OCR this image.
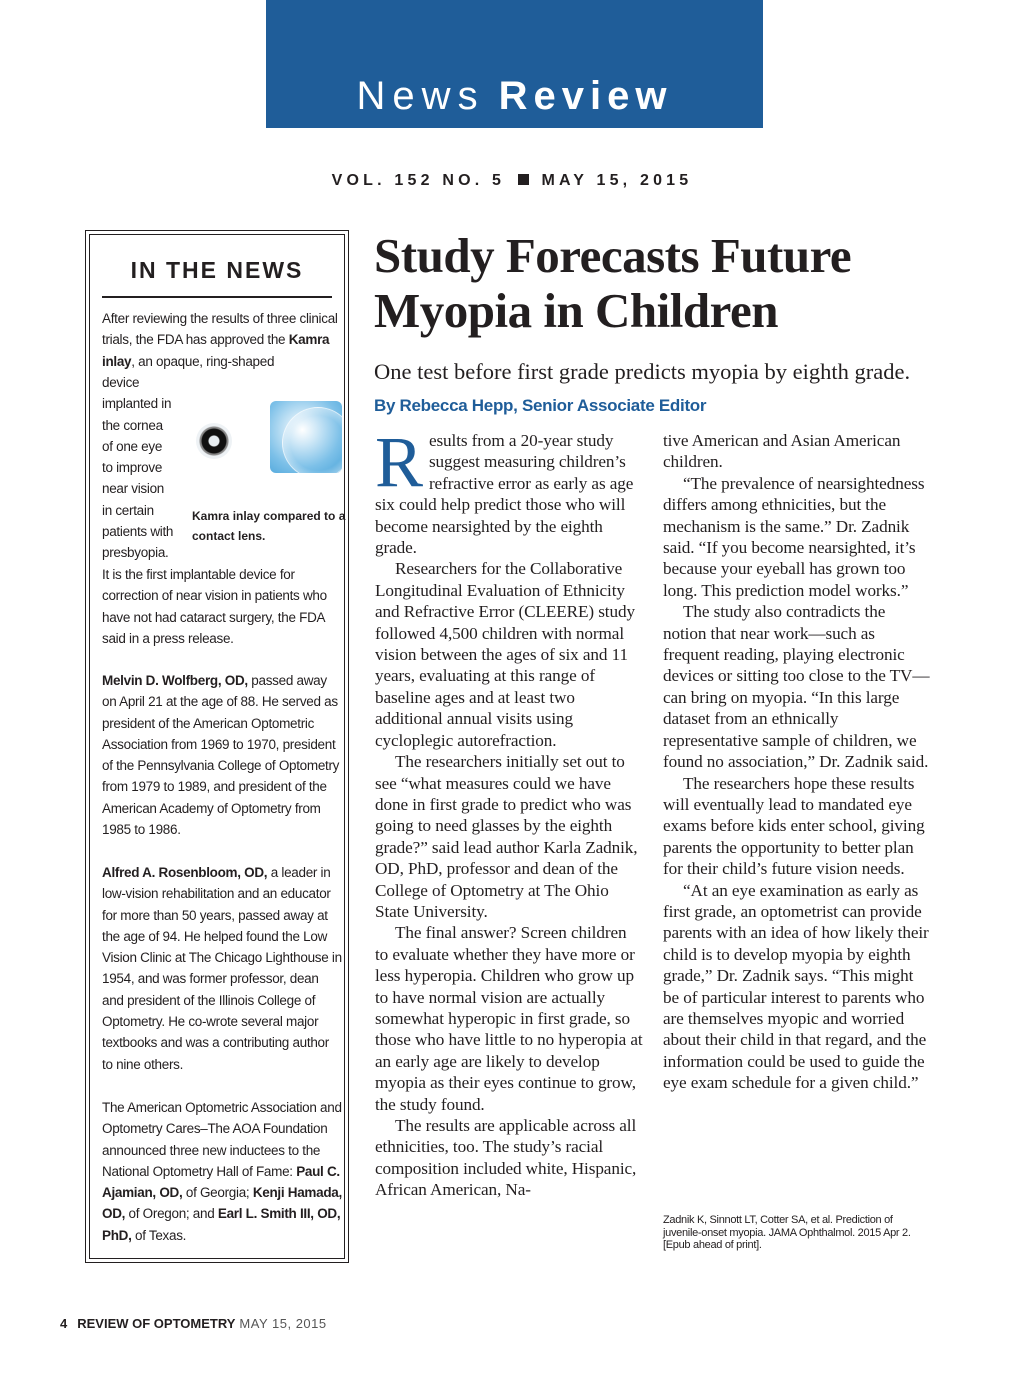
News Review
VOL. 152 NO. 5 MAY 15, 2015
IN THE NEWS

After reviewing the results of three clinical trials, the FDA has approved the Kamra inlay, an opaque, ring-shaped

device

implanted in

the cornea

of one eye

to improve

near vision

in certain

patients with

presbyopia.

Kamra inlay compared to a contact lens.

It is the first implantable device for correction of near vision in patients who have not had cataract surgery, the FDA said in a press release.

Melvin D. Wolfberg, OD, passed away on April 21 at the age of 88. He served as president of the American Optometric Association from 1969 to 1970, president of the Pennsylvania College of Optometry from 1979 to 1989, and president of the American Academy of Optometry from 1985 to 1986.

Alfred A. Rosenbloom, OD, a leader in low-vision rehabilitation and an educator for more than 50 years, passed away at the age of 94. He helped found the Low Vision Clinic at The Chicago Lighthouse in 1954, and was former professor, dean and president of the Illinois College of Optometry. He co-wrote several major textbooks and was a contributing author to nine others.

The American Optometric Association and Optometry Cares–The AOA Foundation announced three new inductees to the National Optometry Hall of Fame: Paul C. Ajamian, OD, of Georgia; Kenji Hamada, OD, of Oregon; and Earl L. Smith III, OD, PhD, of Texas.

Study Forecasts Future
Myopia in Children
One test before first grade predicts myopia by eighth grade. By Rebecca Hepp, Senior Associate Editor

Results from a 20-year study suggest measuring children’s refractive error as early as age six could help predict those who will become nearsighted by the eighth grade.

Researchers for the Collaborative Longitudinal Evaluation of Ethnicity and Refractive Error (CLEERE) study followed 4,500 children with normal vision between the ages of six and 11 years, evaluating at this range of baseline ages and at least two additional annual visits using cycloplegic autorefraction.

The researchers initially set out to see “what measures could we have done in first grade to predict who was going to need glasses by the eighth grade?” said lead author Karla Zadnik, OD, PhD, professor and dean of the College of Optometry at The Ohio State University.

The final answer? Screen children to evaluate whether they have more or less hyperopia. Children who grow up to have normal vision are actually somewhat hyperopic in first grade, so those who have little to no hyperopia at an early age are likely to develop myopia as their eyes continue to grow, the study found.

The results are applicable across all ethnicities, too. The study’s racial composition included white, Hispanic, African American, Na-

tive American and Asian American children.

“The prevalence of nearsightedness differs among ethnicities, but the mechanism is the same.” Dr. Zadnik said. “If you become nearsighted, it’s because your eyeball has grown too long. This prediction model works.”

The study also contradicts the notion that near work—such as frequent reading, playing electronic devices or sitting too close to the TV—can bring on myopia. “In this large dataset from an ethnically representative sample of children, we found no association,” Dr. Zadnik said.

The researchers hope these results will eventually lead to mandated eye exams before kids enter school, giving parents the opportunity to better plan for their child’s future vision needs.

“At an eye examination as early as first grade, an optometrist can provide parents with an idea of how likely their child is to develop myopia by eighth grade,” Dr. Zadnik says. “This might be of particular interest to parents who are themselves myopic and worried about their child in that regard, and the information could be used to guide the eye exam schedule for a given child.”

Zadnik K, Sinnott LT, Cotter SA, et al. Prediction of juvenile-onset myopia. JAMA Ophthalmol. 2015 Apr 2. [Epub ahead of print].
4 REVIEW OF OPTOMETRY MAY 15, 2015
